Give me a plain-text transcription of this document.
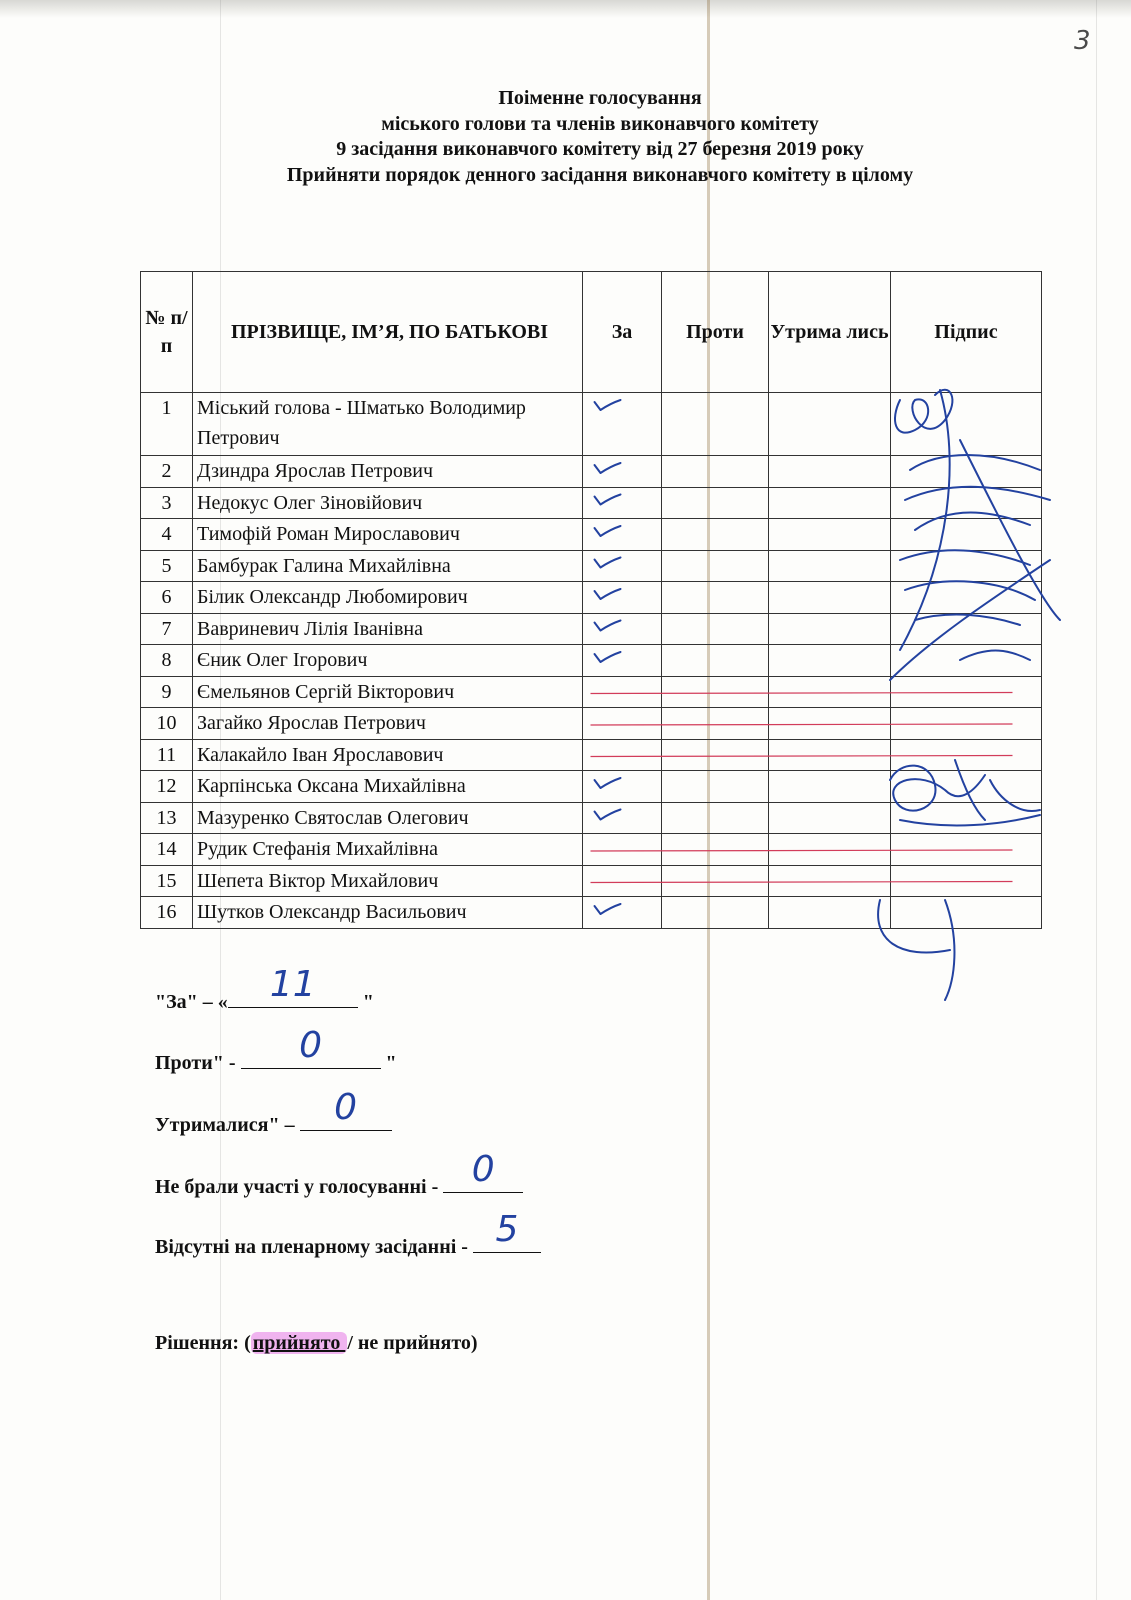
3
Поіменне голосування
міського голови та членів виконавчого комітету
9 засідання виконавчого комітету від 27 березня 2019 року
Прийняти порядок денного засідання виконавчого комітету в цілому
№ п/п	ПРІЗВИЩЕ, ІМ’Я, ПО БАТЬКОВІ	За	Проти	Утрима лись	Підпис
1	Міський голова - Шматько Володимир Петрович				
2	Дзиндра Ярослав Петрович				
3	Недокус Олег Зіновійович				
4	Тимофій Роман Мирославович				
5	Бамбурак Галина Михайлівна				
6	Білик Олександр Любомирович				
7	Вавриневич Лілія Іванівна				
8	Єник Олег Ігорович				
9	Ємельянов Сергій Вікторович				
10	Загайко Ярослав Петрович				
11	Калакайло Іван Ярославович				
12	Карпінська Оксана Михайлівна				
13	Мазуренко Святослав Олегович				
14	Рудик Стефанія Михайлівна				
15	Шепета Віктор Михайлович				
16	Шутков Олександр Васильович				
"За" – «	11	"
Проти" -	0	"
Утрималися" – 0
Не брали участі у голосуванні - 0
Відсутні на пленарному засіданні - 5
Рішення: ( прийнято / не прийнято)
